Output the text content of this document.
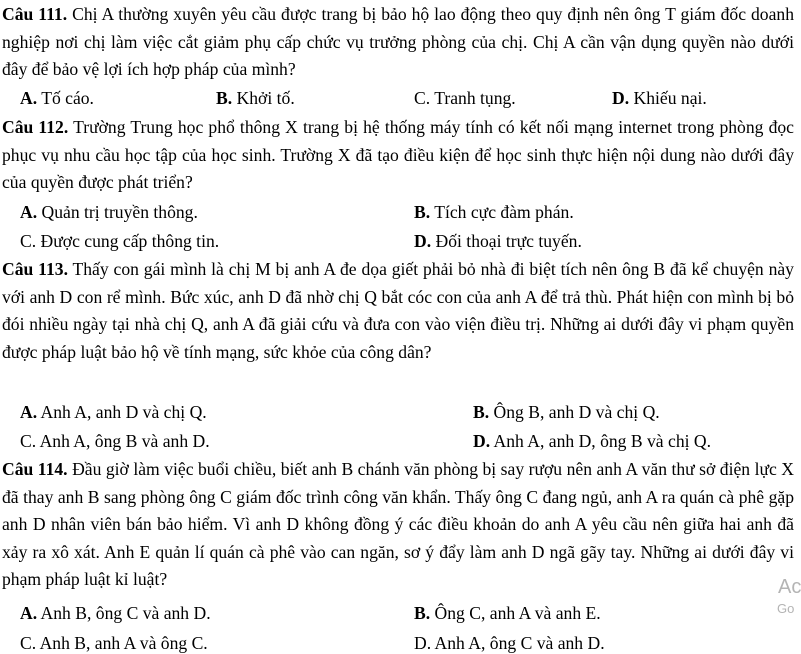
Câu 111. Chị A thường xuyên yêu cầu được trang bị bảo hộ lao động theo quy định nên ông T giám đốc doanh nghiệp nơi chị làm việc cắt giảm phụ cấp chức vụ trưởng phòng của chị. Chị A cần vận dụng quyền nào dưới đây để bảo vệ lợi ích hợp pháp của mình?

A. Tố cáo.	B. Khởi tố.	C. Tranh tụng.	D. Khiếu nại.

Câu 112. Trường Trung học phổ thông X trang bị hệ thống máy tính có kết nối mạng internet trong phòng đọc phục vụ nhu cầu học tập của học sinh. Trường X đã tạo điều kiện để học sinh thực hiện nội dung nào dưới đây của quyền được phát triển?

A. Quản trị truyền thông.	B. Tích cực đàm phán.
C. Được cung cấp thông tin.	D. Đối thoại trực tuyến.

Câu 113. Thấy con gái mình là chị M bị anh A đe dọa giết phải bỏ nhà đi biệt tích nên ông B đã kể chuyện này với anh D con rể mình. Bức xúc, anh D đã nhờ chị Q bắt cóc con của anh A để trả thù. Phát hiện con mình bị bỏ đói nhiều ngày tại nhà chị Q, anh A đã giải cứu và đưa con vào viện điều trị. Những ai dưới đây vi phạm quyền được pháp luật bảo hộ về tính mạng, sức khỏe của công dân?

A. Anh A, anh D và chị Q.	B. Ông B, anh D và chị Q.
C. Anh A, ông B và anh D.	D. Anh A, anh D, ông B và chị Q.

Câu 114. Đầu giờ làm việc buổi chiều, biết anh B chánh văn phòng bị say rượu nên anh A văn thư sở điện lực X đã thay anh B sang phòng ông C giám đốc trình công văn khẩn. Thấy ông C đang ngủ, anh A ra quán cà phê gặp anh D nhân viên bán bảo hiểm. Vì anh D không đồng ý các điều khoản do anh A yêu cầu nên giữa hai anh đã xảy ra xô xát. Anh E quản lí quán cà phê vào can ngăn, sơ ý đẩy làm anh D ngã gãy tay. Những ai dưới đây vi phạm pháp luật kỉ luật?

A. Anh B, ông C và anh D.	B. Ông C, anh A và anh E.
C. Anh B, anh A và ông C.	D. Anh A, ông C và anh D.
Ac
Go
